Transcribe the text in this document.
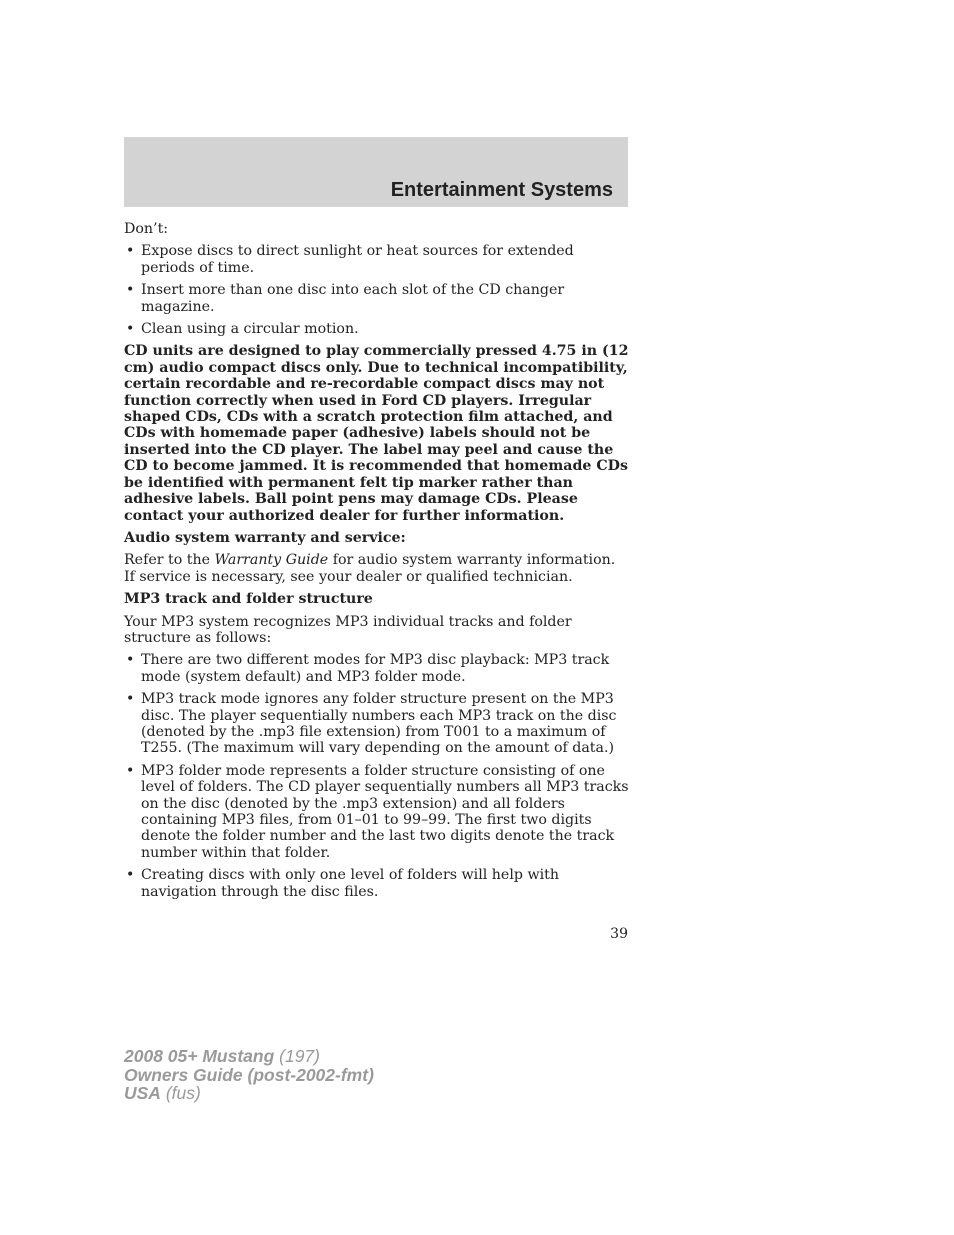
Entertainment Systems

Don’t:

• Expose discs to direct sunlight or heat sources for extended periods of time.
• Insert more than one disc into each slot of the CD changer magazine.
• Clean using a circular motion.

CD units are designed to play commercially pressed 4.75 in (12 cm) audio compact discs only. Due to technical incompatibility, certain recordable and re-recordable compact discs may not function correctly when used in Ford CD players. Irregular shaped CDs, CDs with a scratch protection film attached, and CDs with homemade paper (adhesive) labels should not be inserted into the CD player. The label may peel and cause the CD to become jammed. It is recommended that homemade CDs be identified with permanent felt tip marker rather than adhesive labels. Ball point pens may damage CDs. Please contact your authorized dealer for further information.

Audio system warranty and service:

Refer to the Warranty Guide for audio system warranty information. If service is necessary, see your dealer or qualified technician.

MP3 track and folder structure

Your MP3 system recognizes MP3 individual tracks and folder structure as follows:

• There are two different modes for MP3 disc playback: MP3 track mode (system default) and MP3 folder mode.
• MP3 track mode ignores any folder structure present on the MP3 disc. The player sequentially numbers each MP3 track on the disc (denoted by the .mp3 file extension) from T001 to a maximum of T255. (The maximum will vary depending on the amount of data.)
• MP3 folder mode represents a folder structure consisting of one level of folders. The CD player sequentially numbers all MP3 tracks on the disc (denoted by the .mp3 extension) and all folders containing MP3 files, from 01–01 to 99–99. The first two digits denote the folder number and the last two digits denote the track number within that folder.
• Creating discs with only one level of folders will help with navigation through the disc files.
39
2008 05+ Mustang (197)
Owners Guide (post-2002-fmt)
USA (fus)
